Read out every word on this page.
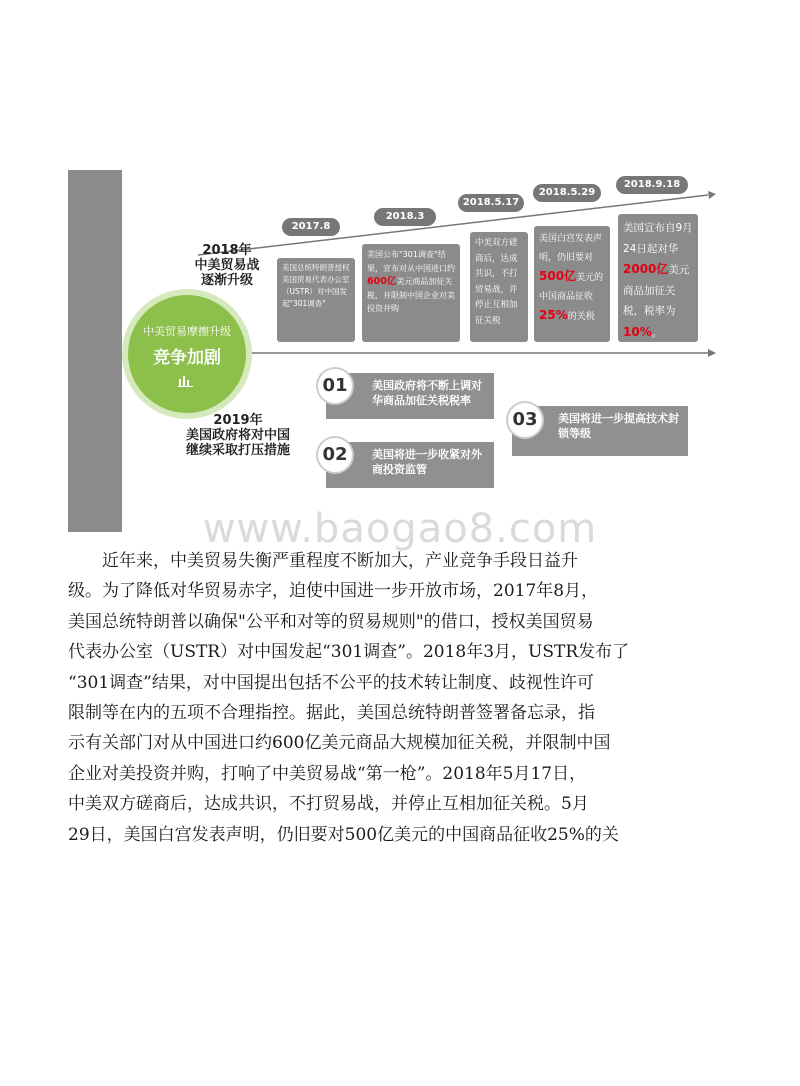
中美贸易摩擦升级
竞争加剧
2018年
中美贸易战
逐渐升级
2019年
美国政府将对中国
继续采取打压措施
2017.8
美国总统特朗普授权美国贸易代表办公室（USTR）对中国发起"301调查"
2018.3
美国公布"301调查"结果，宣布对从中国进口约600亿美元商品加征关税，并限制中国企业对美投资并购
2018.5.17
中美双方磋商后，达成共识，不打贸易战，并停止互相加征关税
2018.5.29
美国白宫发表声明，仍旧要对500亿美元的中国商品征收25%的关税
2018.9.18
美国宣布自9月24日起对华2000亿美元商品加征关税，税率为10%。
美国政府将不断上调对华商品加征关税税率
01
美国将进一步收紧对外商投资监管
02
美国将进一步提高技术封锁等级
03
www.baogao8.com
近年来，中美贸易失衡严重程度不断加大，产业竞争手段日益升
级。为了降低对华贸易赤字，迫使中国进一步开放市场，2017年8月，
美国总统特朗普以确保"公平和对等的贸易规则"的借口，授权美国贸易
代表办公室（USTR）对中国发起“301调查”。2018年3月，USTR发布了
“301调查”结果，对中国提出包括不公平的技术转让制度、歧视性许可
限制等在内的五项不合理指控。据此，美国总统特朗普签署备忘录，指
示有关部门对从中国进口约600亿美元商品大规模加征关税，并限制中国
企业对美投资并购，打响了中美贸易战“第一枪”。2018年5月17日，
中美双方磋商后，达成共识，不打贸易战，并停止互相加征关税。5月
29日，美国白宫发表声明，仍旧要对500亿美元的中国商品征收25%的关
